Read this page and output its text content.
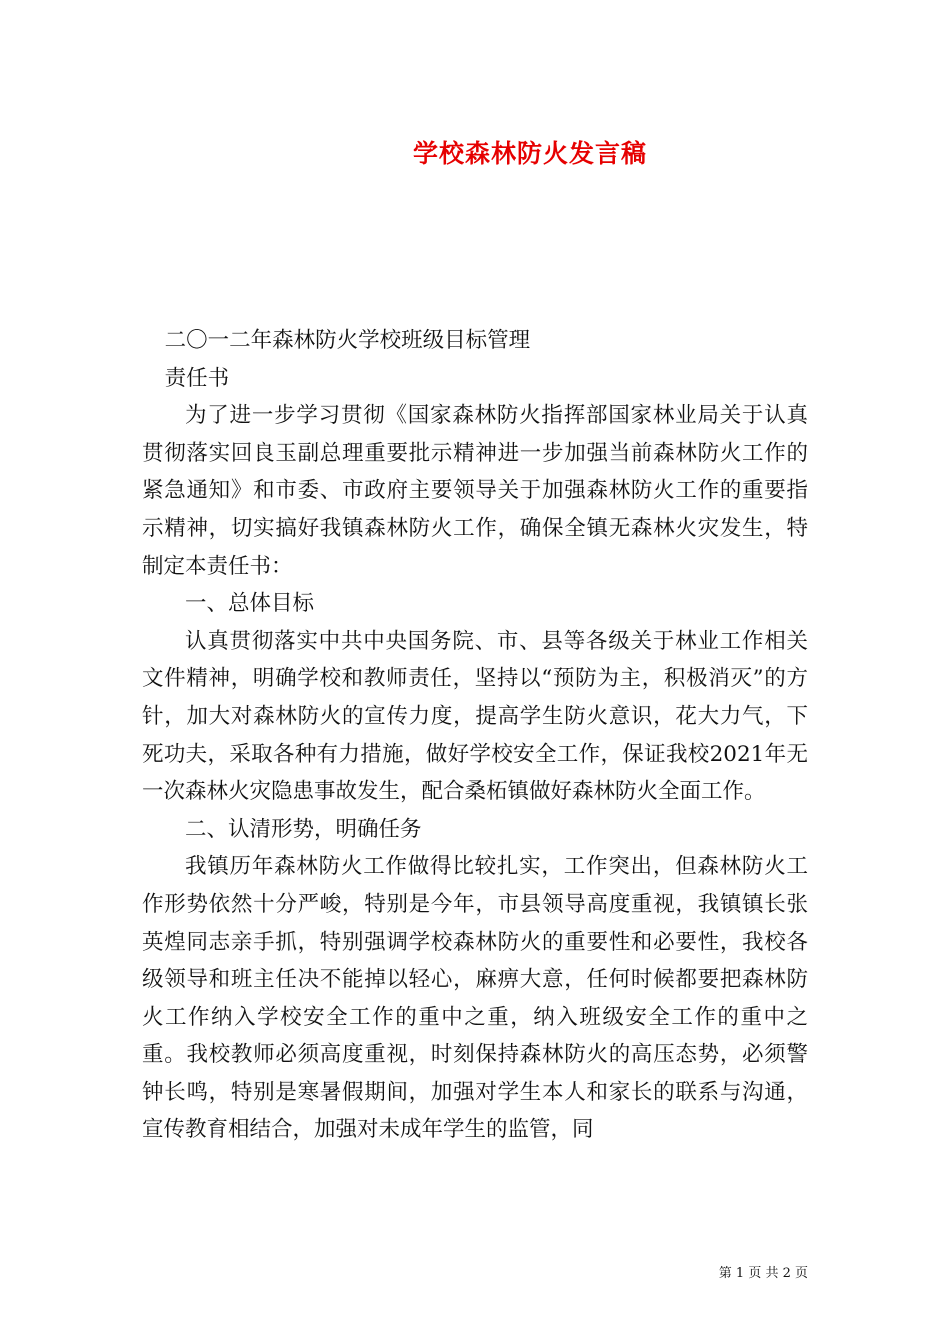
学校森林防火发言稿

二〇一二年森林防火学校班级目标管理

责任书

为了进一步学习贯彻《国家森林防火指挥部国家林业局关于认真贯彻落实回良玉副总理重要批示精神进一步加强当前森林防火工作的紧急通知》和市委、市政府主要领导关于加强森林防火工作的重要指示精神，切实搞好我镇森林防火工作，确保全镇无森林火灾发生，特制定本责任书：

一、总体目标

认真贯彻落实中共中央国务院、市、县等各级关于林业工作相关文件精神，明确学校和教师责任，坚持以“预防为主，积极消灭”的方针，加大对森林防火的宣传力度，提高学生防火意识，花大力气，下死功夫，采取各种有力措施，做好学校安全工作，保证我校2021年无一次森林火灾隐患事故发生，配合桑柘镇做好森林防火全面工作。

二、认清形势，明确任务

我镇历年森林防火工作做得比较扎实，工作突出，但森林防火工作形势依然十分严峻，特别是今年，市县领导高度重视，我镇镇长张英煌同志亲手抓，特别强调学校森林防火的重要性和必要性，我校各级领导和班主任决不能掉以轻心，麻痹大意，任何时候都要把森林防火工作纳入学校安全工作的重中之重，纳入班级安全工作的重中之重。我校教师必须高度重视，时刻保持森林防火的高压态势，必须警钟长鸣，特别是寒暑假期间，加强对学生本人和家长的联系与沟通，宣传教育相结合，加强对未成年学生的监管，同

第 1 页 共 2 页
